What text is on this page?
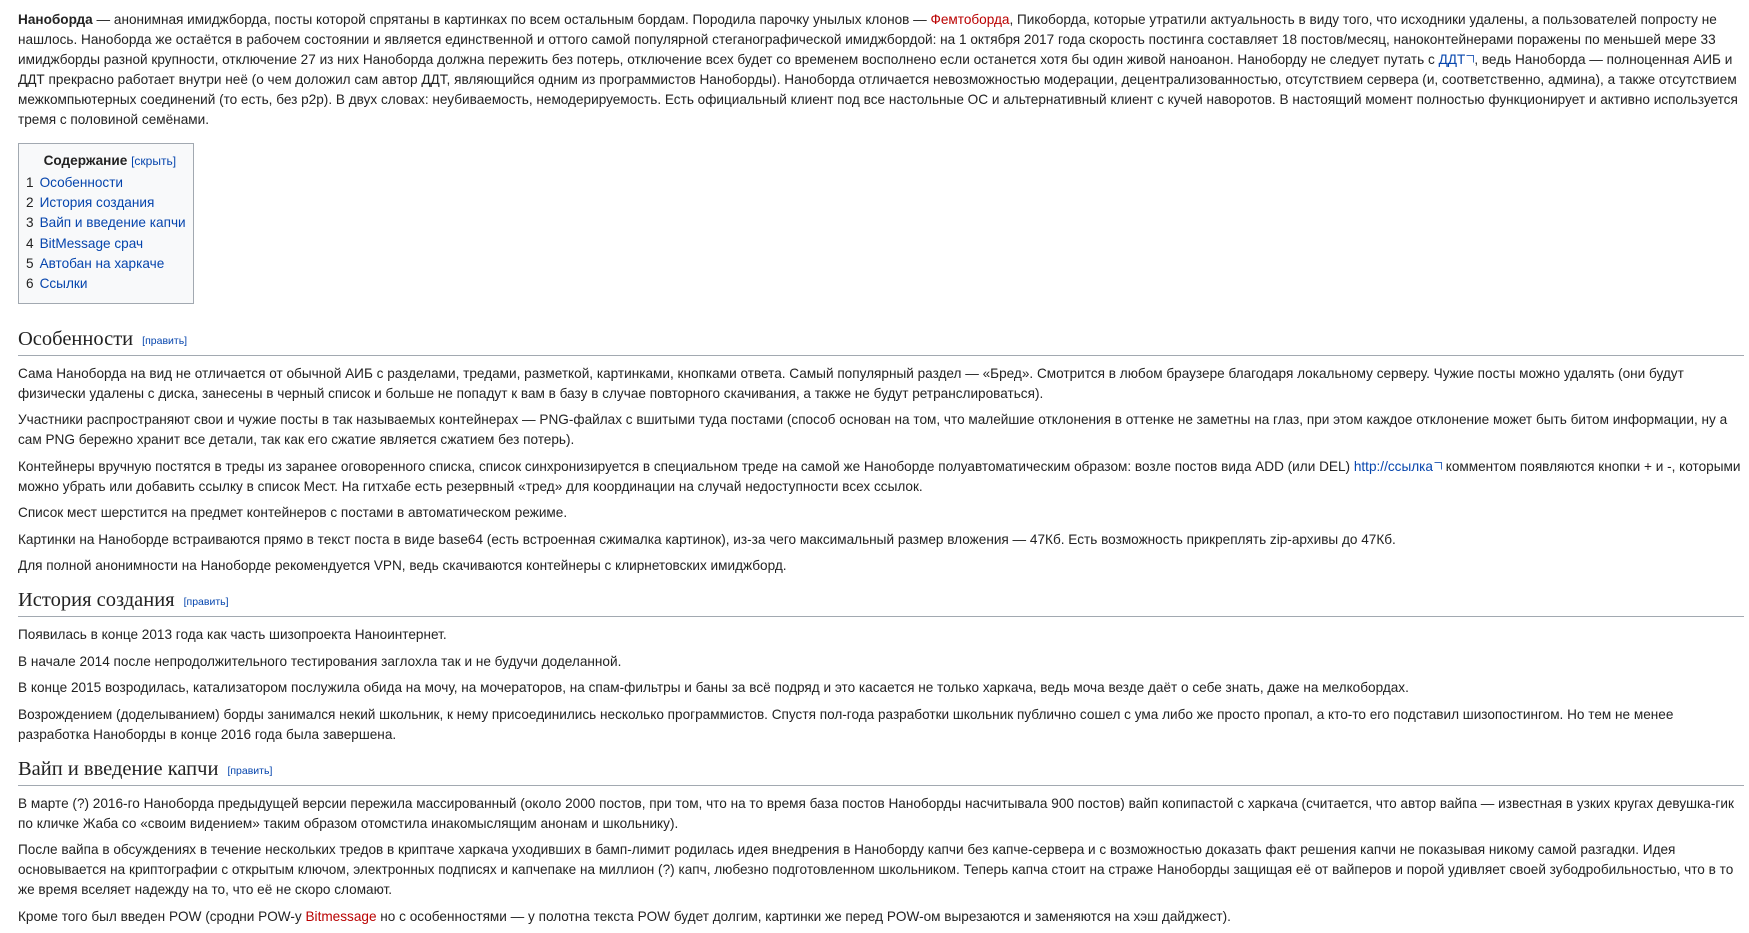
Наноборда — анонимная имиджборда, посты которой спрятаны в картинках по всем остальным бордам. Породила парочку унылых клонов — Фемтоборда, Пикоборда, которые утратили актуальность в виду того, что исходники удалены, а пользователей попросту не нашлось. Наноборда же остаётся в рабочем состоянии и является единственной и оттого самой популярной стеганографической имиджбордой: на 1 октября 2017 года скорость постинга составляет 18 постов/месяц, наноконтейнерами поражены по меньшей мере 33 имиджборды разной крупности, отключение 27 из них Наноборда должна пережить без потерь, отключение всех будет со временем восполнено если останется хотя бы один живой нанoанон. Наноборду не следует путать с ДДТ , ведь Наноборда — полноценная АИБ и ДДТ прекрасно работает внутри неё (о чем доложил сам автор ДДТ, являющийся одним из программистов Наноборды). Наноборда отличается невозможностью модерации, децентрализованностью, отсутствием сервера (и, соответственно, админа), а также отсутствием межкомпьютерных соединений (то есть, без p2p). В двух словах: неубиваемость, немодерируемость. Есть официальный клиент под все настольные ОС и альтернативный клиент с кучей наворотов. В настоящий момент полностью функционирует и активно используется тремя с половиной семёнами.

Содержание [скрыть]
1 Особенности
2 История создания
3 Вайп и введение капчи
4 BitMessage срач
5 Автобан на харкаче
6 Ссылки
Особенности [править]

Сама Наноборда на вид не отличается от обычной АИБ с разделами, тредами, разметкой, картинками, кнопками ответа. Самый популярный раздел — «Бред». Смотрится в любом браузере благодаря локальному серверу. Чужие посты можно удалять (они будут физически удалены с диска, занесены в черный список и больше не попадут к вам в базу в случае повторного скачивания, а также не будут ретранслироваться).

Участники распространяют свои и чужие посты в так называемых контейнерах — PNG-файлах с вшитыми туда постами (способ основан на том, что малейшие отклонения в оттенке не заметны на глаз, при этом каждое отклонение может быть битом информации, ну а сам PNG бережно хранит все детали, так как его сжатие является сжатием без потерь).

Контейнеры вручную постятся в треды из заранее оговоренного списка, список синхронизируется в специальном треде на самой же Наноборде полуавтоматическим образом: возле постов вида ADD (или DEL) http://ссылка комментом появляются кнопки + и -, которыми можно убрать или добавить ссылку в список Мест. На гитхабе есть резервный «тред» для координации на случай недоступности всех ссылок.

Список мест шерстится на предмет контейнеров с постами в автоматическом режиме.

Картинки на Наноборде встраиваются прямо в текст поста в виде base64 (есть встроенная сжималка картинок), из-за чего максимальный размер вложения — 47Кб. Есть возможность прикреплять zip-архивы до 47Кб.

Для полной анонимности на Наноборде рекомендуется VPN, ведь скачиваются контейнеры с клирнетовских имиджборд.

История создания [править]

Появилась в конце 2013 года как часть шизопроекта Наноинтернет.

В начале 2014 после непродолжительного тестирования заглохла так и не будучи доделанной.

В конце 2015 возродилась, катализатором послужила обида на мочу, на мочераторов, на спам-фильтры и баны за всё подряд и это касается не только харкача, ведь моча везде даёт о себе знать, даже на мелкобордах.

Возрождением (доделыванием) борды занимался некий школьник, к нему присоединились несколько программистов. Спустя пол-года разработки школьник публично сошел с ума либо же просто пропал, а кто-то его подставил шизопостингом. Но тем не менее разработка Наноборды в конце 2016 года была завершена.

Вайп и введение капчи [править]

В марте (?) 2016-го Наноборда предыдущей версии пережила массированный (около 2000 постов, при том, что на то время база постов Наноборды насчитывала 900 постов) вайп копипастой с харкача (считается, что автор вайпа — известная в узких кругах девушка-гик по кличке Жаба со «своим видением» таким образом отомстила инакомыслящим анонам и школьнику).

После вайпа в обсуждениях в течение нескольких тредов в криптаче харкача уходивших в бамп-лимит родилась идея внедрения в Наноборду капчи без капче-сервера и с возможностью доказать факт решения капчи не показывая никому самой разгадки. Идея основывается на криптографии с открытым ключом, электронных подписях и капчепаке на миллион (?) капч, любезно подготовленном школьником. Теперь капча стоит на страже Наноборды защищая её от вайперов и порой удивляет своей зубодробильностью, что в то же время вселяет надежду на то, что её не скоро сломают.

Кроме того был введен POW (сродни POW-у Bitmessage но с особенностями — у полотна текста POW будет долгим, картинки же перед POW-ом вырезаются и заменяются на хэш дайджест).
